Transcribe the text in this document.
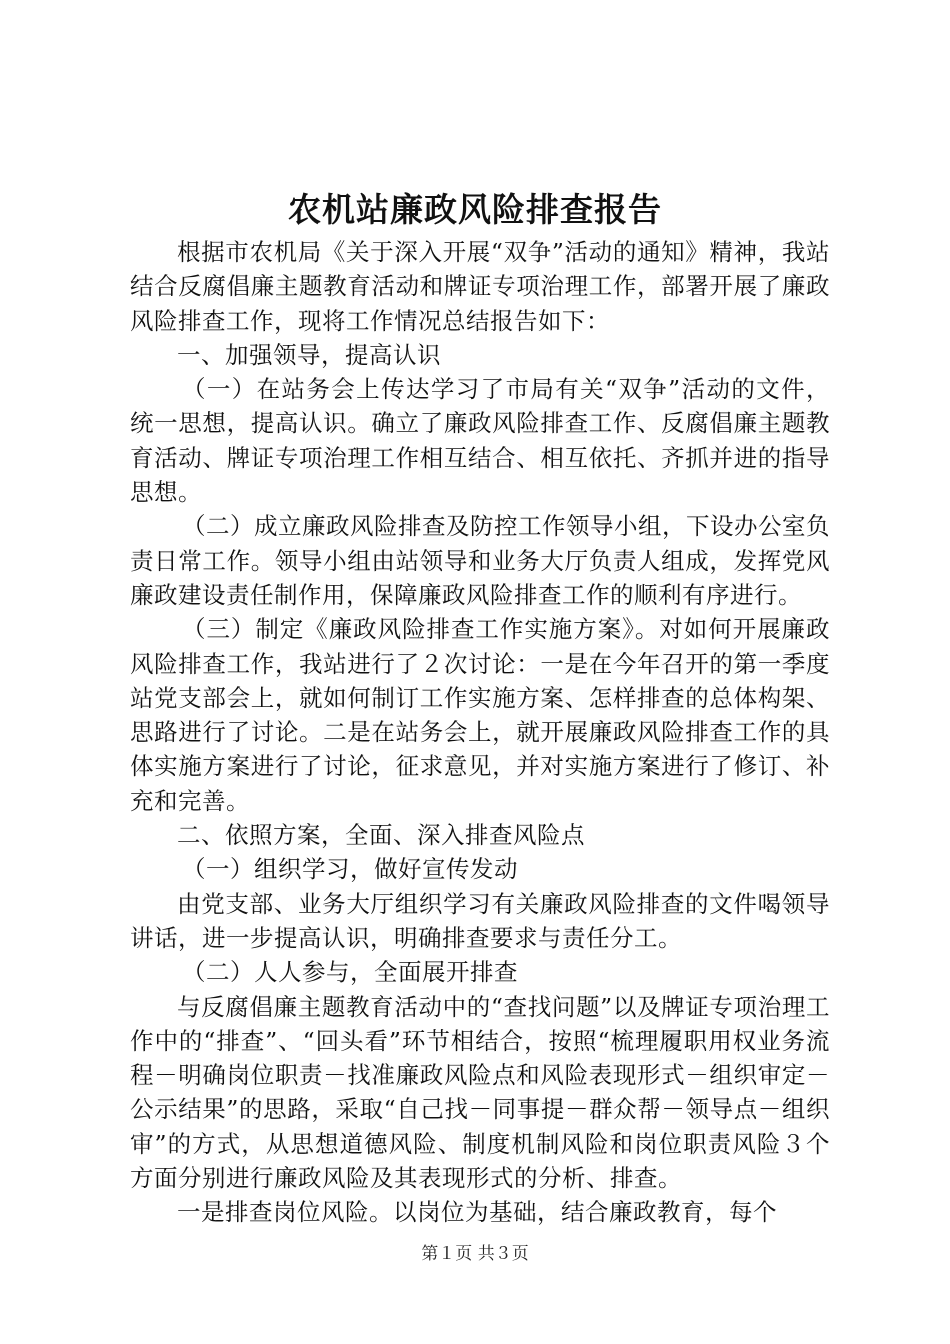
农机站廉政风险排查报告

根据市农机局《关于深入开展“双争”活动的通知》精神，我站结合反腐倡廉主题教育活动和牌证专项治理工作，部署开展了廉政风险排查工作，现将工作情况总结报告如下：

一、加强领导，提高认识

（一）在站务会上传达学习了市局有关“双争”活动的文件，统一思想，提高认识。确立了廉政风险排查工作、反腐倡廉主题教育活动、牌证专项治理工作相互结合、相互依托、齐抓并进的指导思想。

（二）成立廉政风险排查及防控工作领导小组，下设办公室负责日常工作。领导小组由站领导和业务大厅负责人组成，发挥党风廉政建设责任制作用，保障廉政风险排查工作的顺利有序进行。

（三）制定《廉政风险排查工作实施方案》。对如何开展廉政风险排查工作，我站进行了２次讨论：一是在今年召开的第一季度站党支部会上，就如何制订工作实施方案、怎样排查的总体构架、思路进行了讨论。二是在站务会上，就开展廉政风险排查工作的具体实施方案进行了讨论，征求意见，并对实施方案进行了修订、补充和完善。

二、依照方案，全面、深入排查风险点

（一）组织学习，做好宣传发动

由党支部、业务大厅组织学习有关廉政风险排查的文件喝领导讲话，进一步提高认识，明确排查要求与责任分工。

（二）人人参与，全面展开排查

与反腐倡廉主题教育活动中的“查找问题”以及牌证专项治理工作中的“排查”、“回头看”环节相结合，按照“梳理履职用权业务流程－明确岗位职责－找准廉政风险点和风险表现形式－组织审定－公示结果”的思路，采取“自己找－同事提－群众帮－领导点－组织审”的方式，从思想道德风险、制度机制风险和岗位职责风险３个方面分别进行廉政风险及其表现形式的分析、排查。

一是排查岗位风险。以岗位为基础，结合廉政教育，每个

第１页 共３页
